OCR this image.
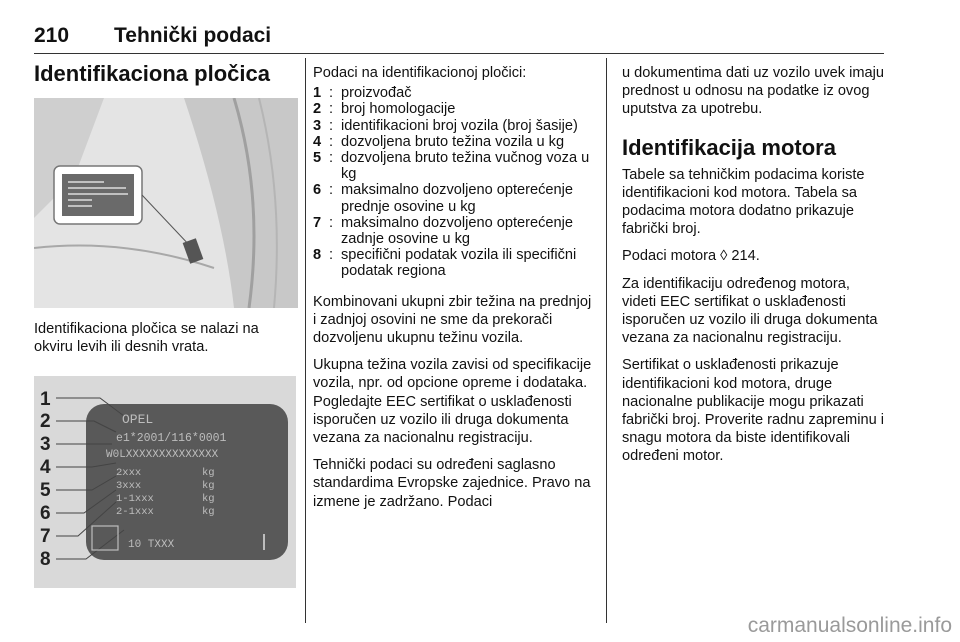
210 Tehnički podaci
Identifikaciona pločica

Identifikaciona pločica se nalazi na okviru levih ili desnih vrata.

1
2
3
4
5
6
7
8
OPEL
e1*2001/116*0001
W0LXXXXXXXXXXXXXX
2xxx
3xxx
1-1xxx
2-1xxx
kg
kg
kg
kg
10 TXXX

Podaci na identifikacionoj pločici:

1 : proizvođač
2 : broj homologacije
3 : identifikacioni broj vozila (broj šasije)
4 : dozvoljena bruto težina vozila u kg
5 : dozvoljena bruto težina vučnog voza u kg
6 : maksimalno dozvoljeno opterećenje prednje osovine u kg
7 : maksimalno dozvoljeno opterećenje zadnje osovine u kg
8 : specifični podatak vozila ili specifični podatak regiona

Kombinovani ukupni zbir težina na prednjoj i zadnjoj osovini ne sme da prekorači dozvoljenu ukupnu težinu vozila.

Ukupna težina vozila zavisi od specifikacije vozila, npr. od opcione opreme i dodataka. Pogledajte EEC sertifikat o usklađenosti isporučen uz vozilo ili druga dokumenta vezana za nacionalnu registraciju.

Tehnički podaci su određeni saglasno standardima Evropske zajednice. Pravo na izmene je zadržano. Podaci

u dokumentima dati uz vozilo uvek imaju prednost u odnosu na podatke iz ovog uputstva za upotrebu.

Identifikacija motora

Tabele sa tehničkim podacima koriste identifikacioni kod motora. Tabela sa podacima motora dodatno prikazuje fabrički broj.

Podaci motora ◊ 214.

Za identifikaciju određenog motora, videti EEC sertifikat o usklađenosti isporučen uz vozilo ili druga dokumenta vezana za nacionalnu registraciju.

Sertifikat o usklađenosti prikazuje identifikacioni kod motora, druge nacionalne publikacije mogu prikazati fabrički broj. Proverite radnu zapreminu i snagu motora da biste identifikovali određeni motor.

carmanualsonline.info
